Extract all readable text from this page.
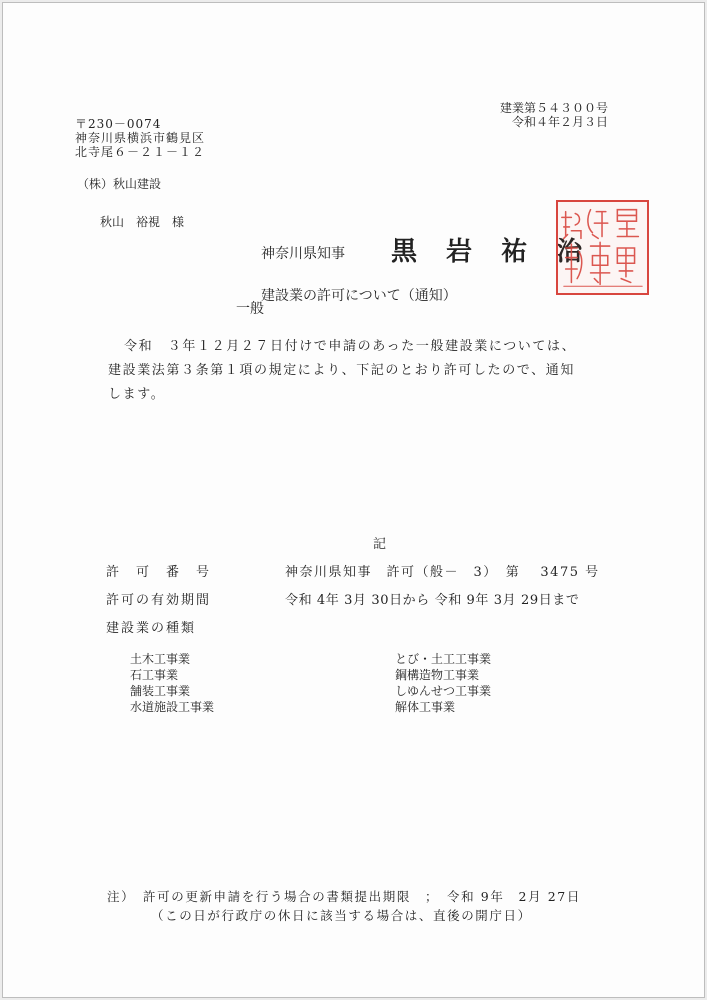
〒230－0074
神奈川県横浜市鶴見区
北寺尾６－２１－１２
（株）秋山建設
秋山　裕視　様
建業第５４３００号
令和４年２月３日
神奈川県知事 黒 岩 祐 治
一般
建設業の許可について（通知）
令和　３年１２月２７日付けで申請のあった一般建設業については、
建設業法第３条第１項の規定により、下記のとおり許可したので、通知
します。
記
許　可　番　号	神奈川県知事　許可（般－　3）　第　 3475 号
許可の有効期間	令和 4年 3月 30日から 令和 9年 3月 29日まで
建設業の種類
土木工事業
石工事業
舗装工事業
水道施設工事業
とび・土工工事業
鋼構造物工事業
しゆんせつ工事業
解体工事業
注）　許可の更新申請を行う場合の書類提出期限　；　令和 9年　2月 27日
（この日が行政庁の休日に該当する場合は、直後の開庁日）
